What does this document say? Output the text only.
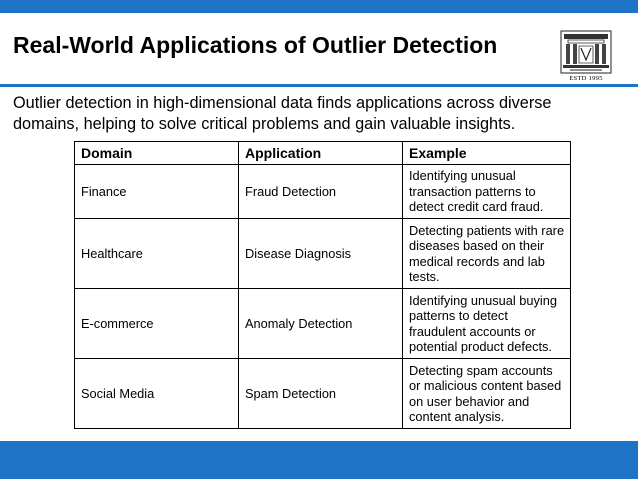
Real-World Applications of Outlier Detection
ESTD 1995

Outlier detection in high-dimensional data finds applications across diverse domains, helping to solve critical problems and gain valuable insights.

Domain	Application	Example
Finance	Fraud Detection	Identifying unusual transaction patterns to detect credit card fraud.
Healthcare	Disease Diagnosis	Detecting patients with rare diseases based on their medical records and lab tests.
E-commerce	Anomaly Detection	Identifying unusual buying patterns to detect fraudulent accounts or potential product defects.
Social Media	Spam Detection	Detecting spam accounts or malicious content based on user behavior and content analysis.
